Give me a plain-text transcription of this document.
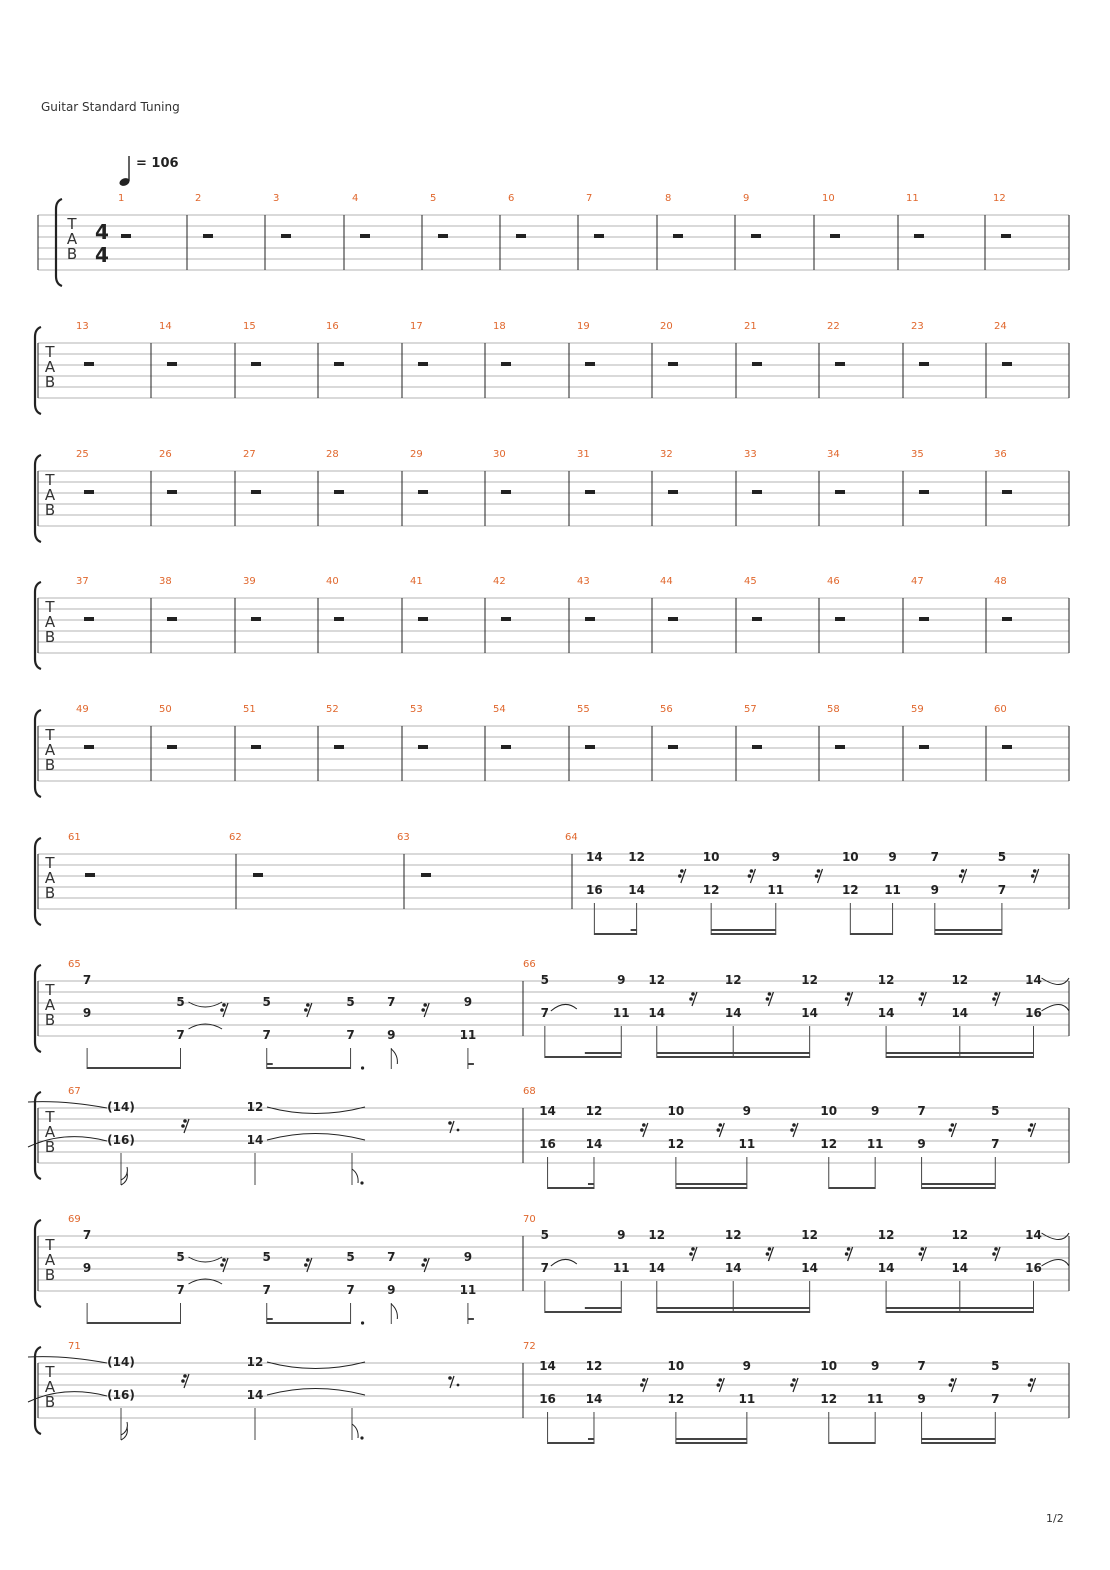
Guitar Standard Tuning
= 106
T
A
B
4
4
1	2	3	4	5	6	7	8	9	10	11	12
T
A
B
13	14	15	16	17	18	19	20	21	22	23	24
T
A
B
25	26	27	28	29	30	31	32	33	34	35	36
T
A
B
37	38	39	40	41	42	43	44	45	46	47	48
T
A
B
49	50	51	52	53	54	55	56	57	58	59	60
T
A
B
61	62	63	64
14
16
12
14
10
12
9
11
10
12
9
11
7
9
5
7
T
A
B
65	66
7
9
5
7
5
7
5
7
7
9
9
11
5
7
9
11
12
14
12
14
12
14
12
14
12
14
14
16
T
A
B
67	68
(14)
(16)
12
14
14
16
12
14
10
12
9
11
10
12
9
11
7
9
5
7
T
A
B
69	70
7
9
5
7
5
7
5
7
7
9
9
11
5
7
9
11
12
14
12
14
12
14
12
14
12
14
14
16
T
A
B
71	72
(14)
(16)
12
14
14
16
12
14
10
12
9
11
10
12
9
11
7
9
5
7
1/2
